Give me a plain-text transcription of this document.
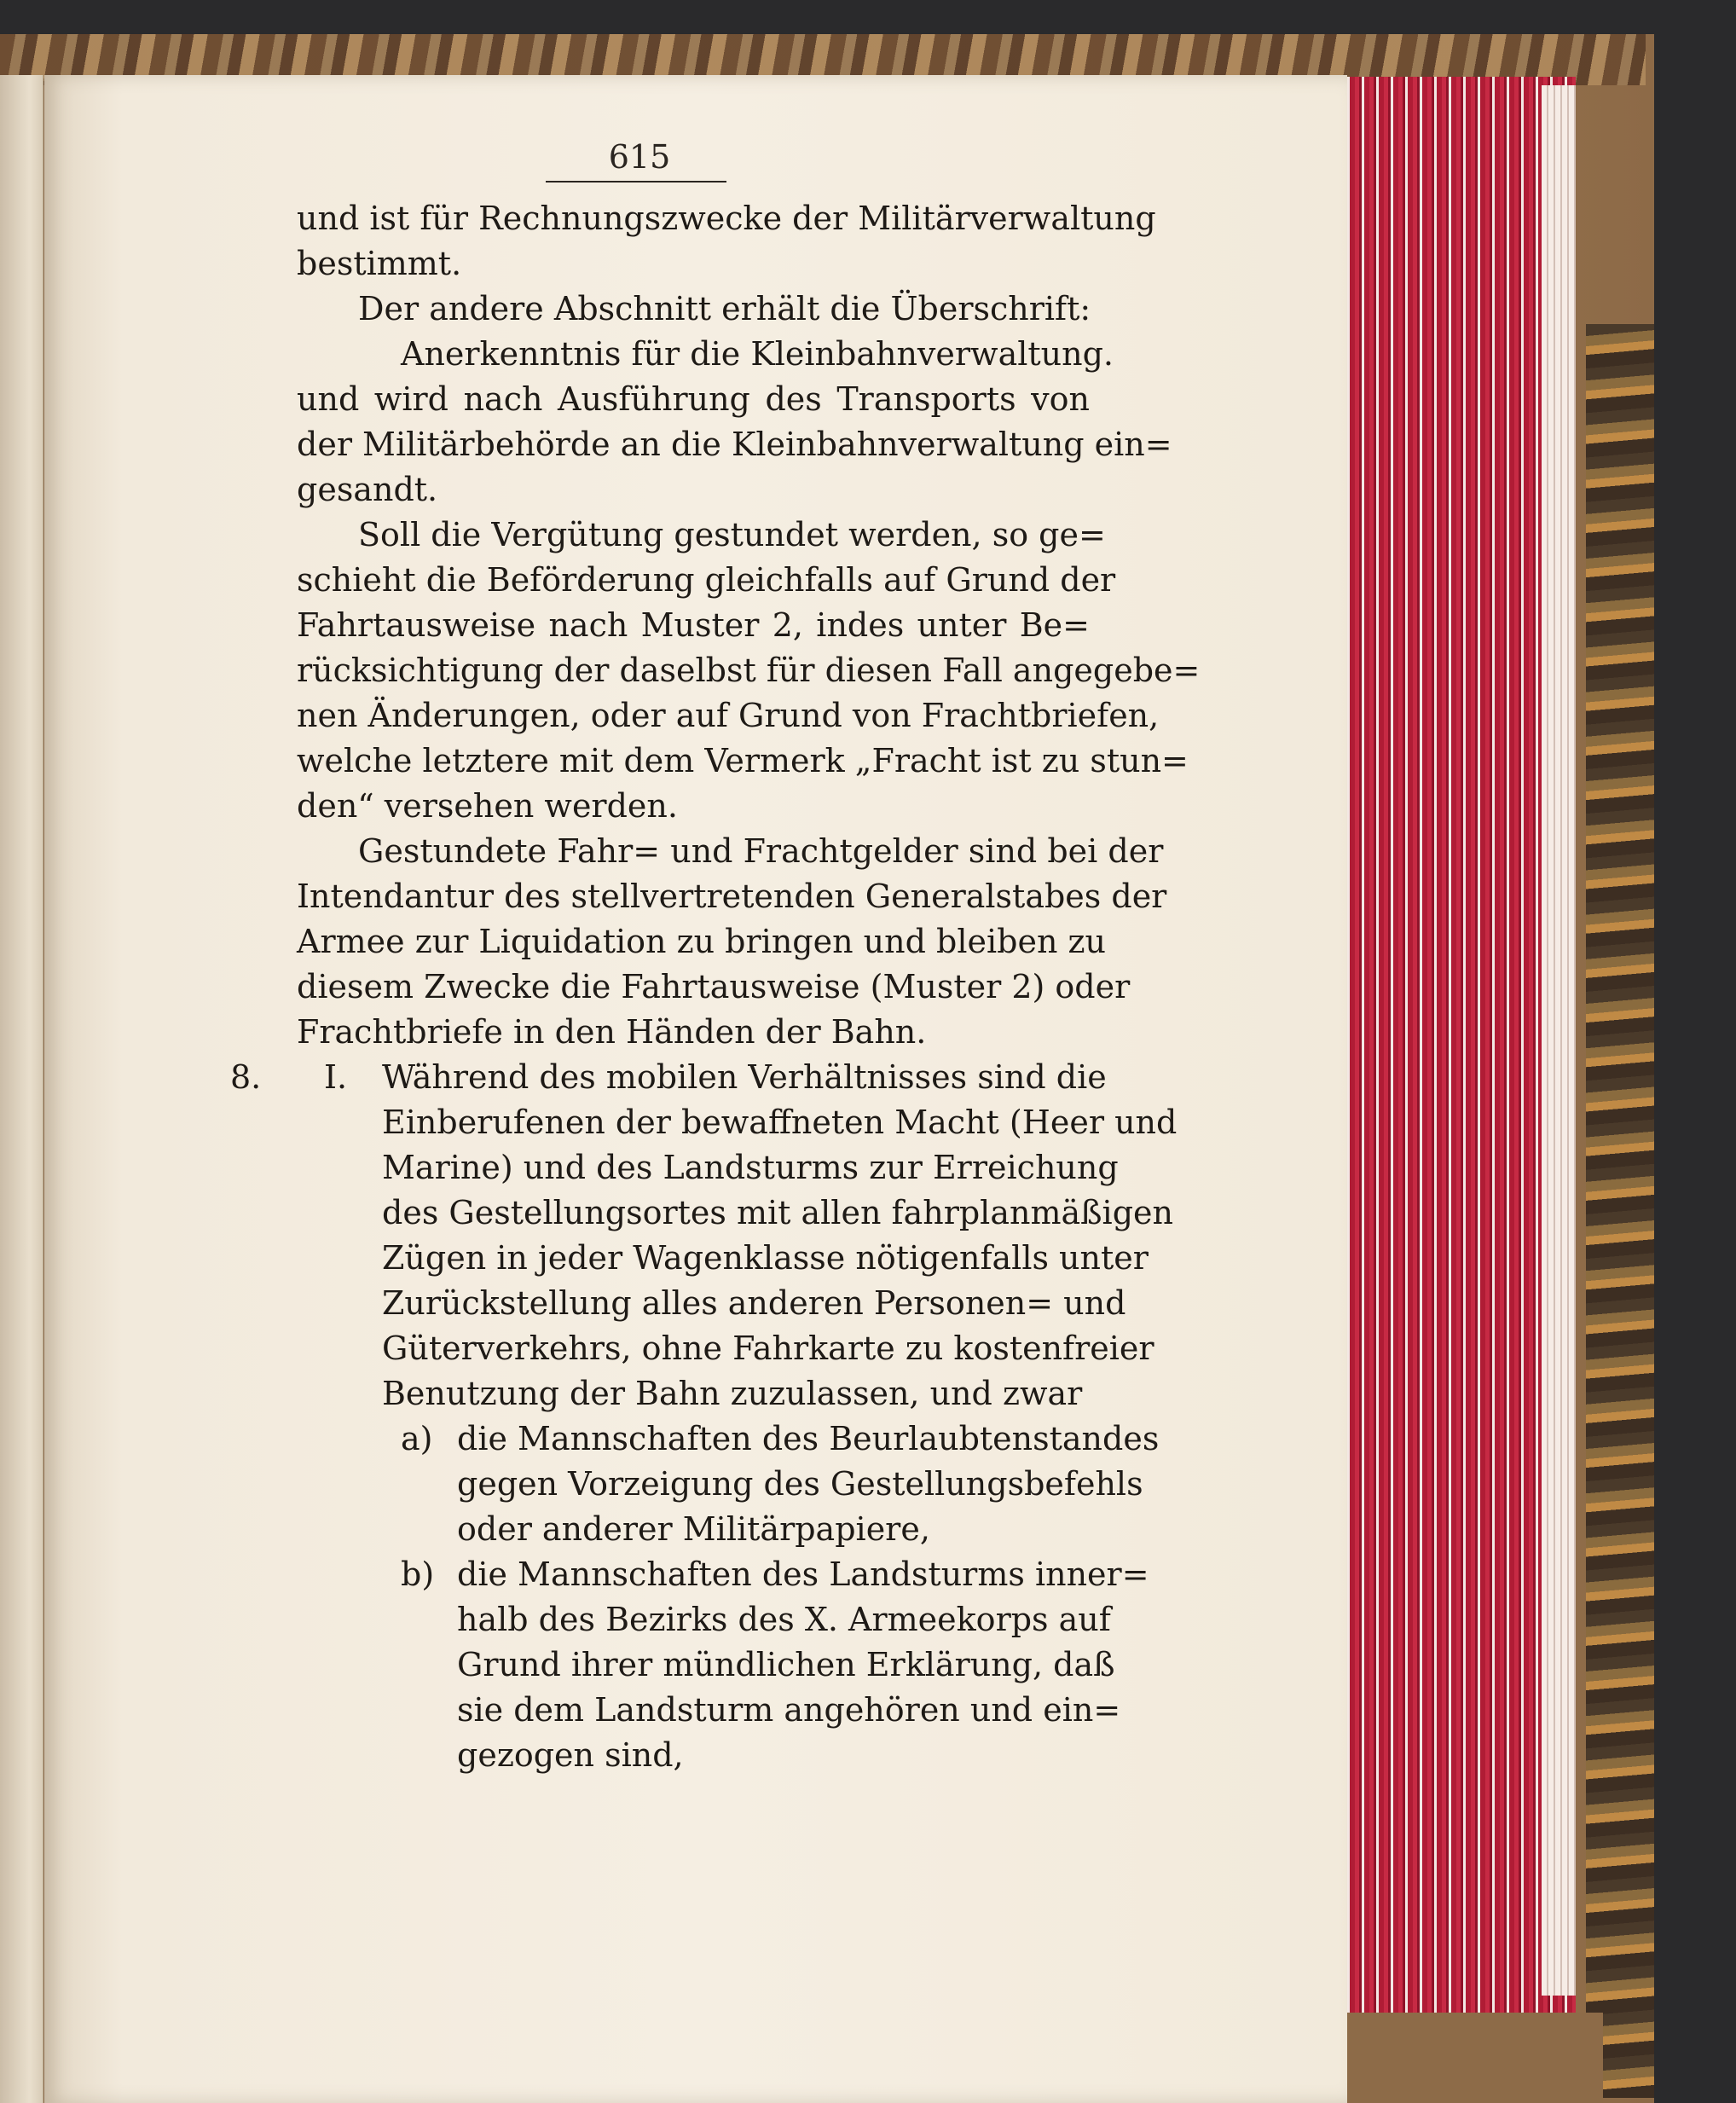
615
und ist für Rechnungszwecke der Militärverwaltung
bestimmt.
Der andere Abschnitt erhält die Überschrift:
Anerkenntnis für die Kleinbahnverwaltung.
und wird nach Ausführung des Transports von
der Militärbehörde an die Kleinbahnverwaltung ein=
gesandt.
Soll die Vergütung gestundet werden, so ge=
schieht die Beförderung gleichfalls auf Grund der
Fahrtausweise nach Muster 2, indes unter Be=
rücksichtigung der daselbst für diesen Fall angegebe=
nen Änderungen, oder auf Grund von Frachtbriefen,
welche letztere mit dem Vermerk „Fracht ist zu stun=
den“ versehen werden.
Gestundete Fahr= und Frachtgelder sind bei der
Intendantur des stellvertretenden Generalstabes der
Armee zur Liquidation zu bringen und bleiben zu
diesem Zwecke die Fahrtausweise (Muster 2) oder
Frachtbriefe in den Händen der Bahn.
8. I. Während des mobilen Verhältnisses sind die
Einberufenen der bewaffneten Macht (Heer und
Marine) und des Landsturms zur Erreichung
des Gestellungsortes mit allen fahrplanmäßigen
Zügen in jeder Wagenklasse nötigenfalls unter
Zurückstellung alles anderen Personen= und
Güterverkehrs, ohne Fahrkarte zu kostenfreier
Benutzung der Bahn zuzulassen, und zwar
a) die Mannschaften des Beurlaubtenstandes
gegen Vorzeigung des Gestellungsbefehls
oder anderer Militärpapiere,
b) die Mannschaften des Landsturms inner=
halb des Bezirks des X. Armeekorps auf
Grund ihrer mündlichen Erklärung, daß
sie dem Landsturm angehören und ein=
gezogen sind,
